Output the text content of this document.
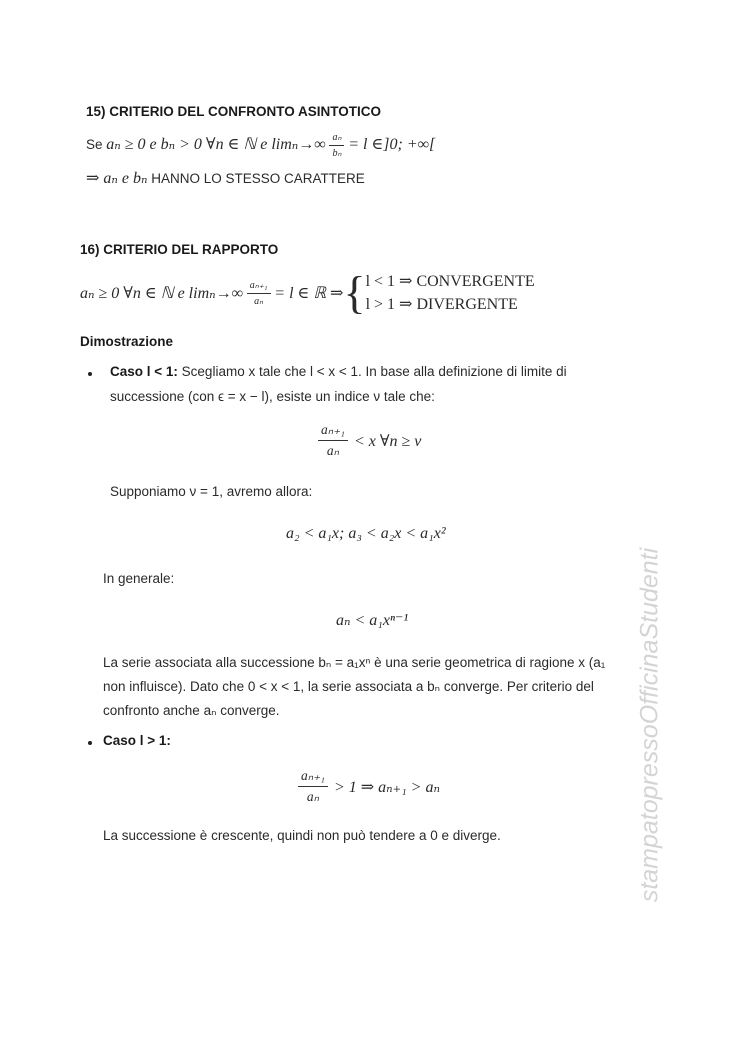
15) CRITERIO DEL CONFRONTO ASINTOTICO
Se aₙ ≥ 0 e bₙ > 0 ∀n ∈ ℕ e $\lim_n\to\infty \frac{\text{aₙ}}{\text{bₙ}} = l$ ∈]0; +∞[
⇒ aₙ e bₙ HANNO LO STESSO CARATTERE
16) CRITERIO DEL RAPPORTO
aₙ ≥ 0 ∀n ∈ ℕ e limₙ→∞
$\frac{\text{aₙ₊₁}}{\text{aₙ}}$
= l ∈ ℝ ⇒ { l < 1 ⇒ CONVERGENTE
l > 1 ⇒ DIVERGENTE
Dimostrazione
Caso l < 1: Scegliamo x tale che l < x < 1. In base alla definizione di limite di
successione (con ϵ = x − l), esiste un indice ν tale che:
$\frac{\text{aₙ₊₁}}{\text{aₙ}} < x$ ∀n ≥ ν
Supponiamo ν = 1, avremo allora:
a₂ < a₁x; a₃ < a₂x < a₁x²
In generale:
aₙ < a₁xⁿ⁻¹
La serie associata alla successione bₙ = a₁xⁿ è una serie geometrica di ragione x (a₁
non influisce). Dato che 0 < x < 1, la serie associata a bₙ converge. Per criterio del
confronto anche aₙ converge.
Caso l > 1:
$\frac{\text{aₙ₊₁}}{\text{aₙ}} > 1$ ⇒ aₙ₊₁ > aₙ
La successione è crescente, quindi non può tendere a 0 e diverge.	stampatopressoOfficinaStudenti
